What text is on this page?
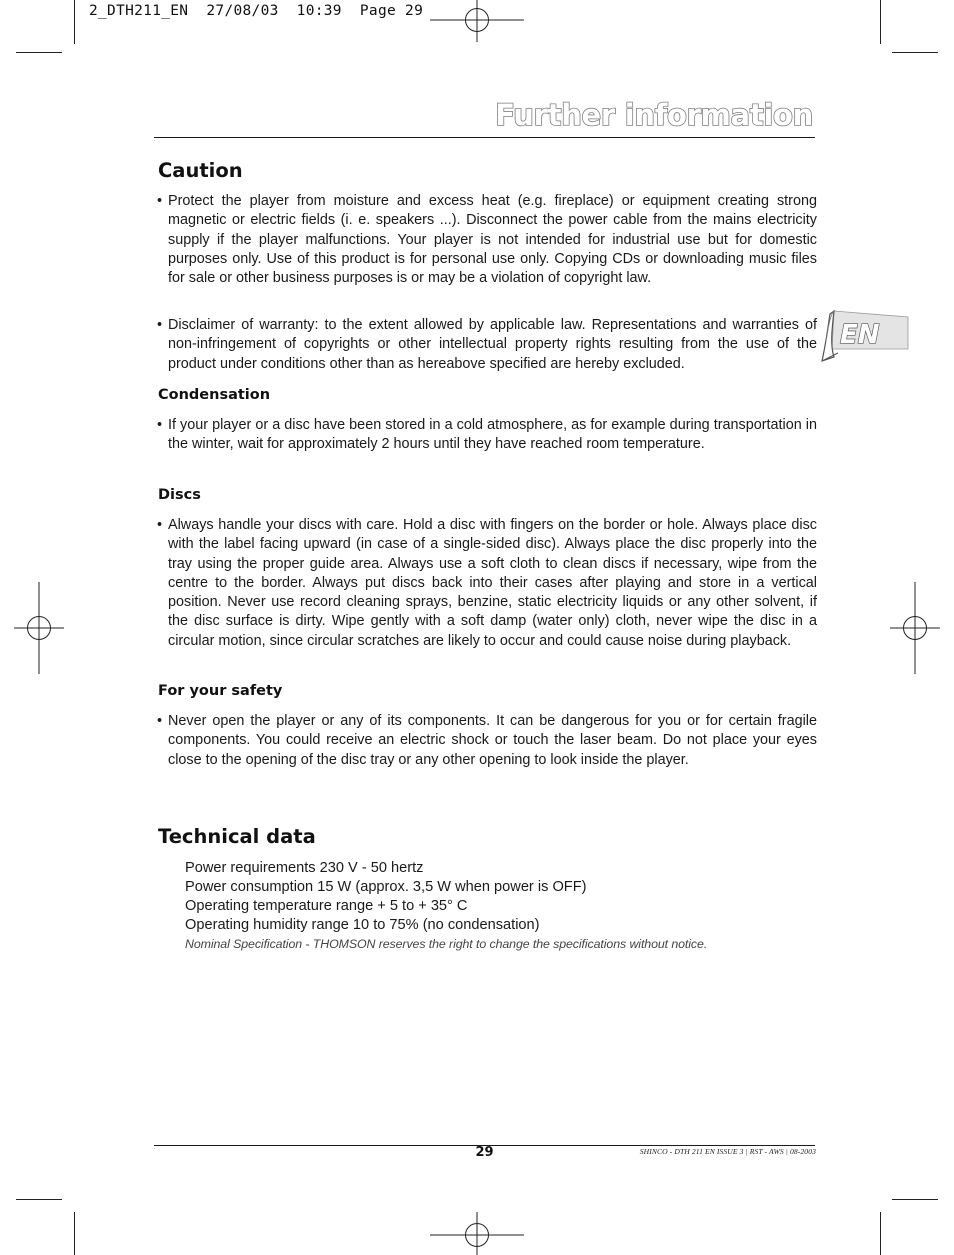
2_DTH211_EN  27/08/03  10:39  Page 29
Further information
EN
Caution
• Protect the player from moisture and excess heat (e.g. fireplace) or equipment creating strong magnetic or electric fields (i. e. speakers ...). Disconnect the power cable from the mains electricity supply if the player malfunctions. Your player is not intended for industrial use but for domestic purposes only. Use of this product is for personal use only. Copying CDs or downloading music files for sale or other business purposes is or may be a violation of copyright law.
• Disclaimer of warranty: to the extent allowed by applicable law. Representations and warranties of non-infringement of copyrights or other intellectual property rights resulting from the use of the product under conditions other than as hereabove specified are hereby excluded.
Condensation
• If your player or a disc have been stored in a cold atmosphere, as for example during transportation in the winter, wait for approximately 2 hours until they have reached room temperature.
Discs
• Always handle your discs with care. Hold a disc with fingers on the border or hole. Always place disc with the label facing upward (in case of a single-sided disc). Always place the disc properly into the tray using the proper guide area. Always use a soft cloth to clean discs if necessary, wipe from the centre to the border. Always put discs back into their cases after playing and store in a vertical position. Never use record cleaning sprays, benzine, static electricity liquids or any other solvent, if the disc surface is dirty. Wipe gently with a soft damp (water only) cloth, never wipe the disc in a circular motion, since circular scratches are likely to occur and could cause noise during playback.
For your safety
• Never open the player or any of its components. It can be dangerous for you or for certain fragile components. You could receive an electric shock or touch the laser beam. Do not place your eyes close to the opening of the disc tray or any other opening to look inside the player.
Technical data
Power requirements 230 V - 50 hertz
Power consumption 15 W (approx. 3,5 W when power is OFF)
Operating temperature range + 5 to + 35° C
Operating humidity range 10 to 75% (no condensation)
Nominal Specification - THOMSON reserves the right to change the specifications without notice.
29	SHINCO - DTH 211 EN ISSUE 3 | RST - AWS | 08-2003
